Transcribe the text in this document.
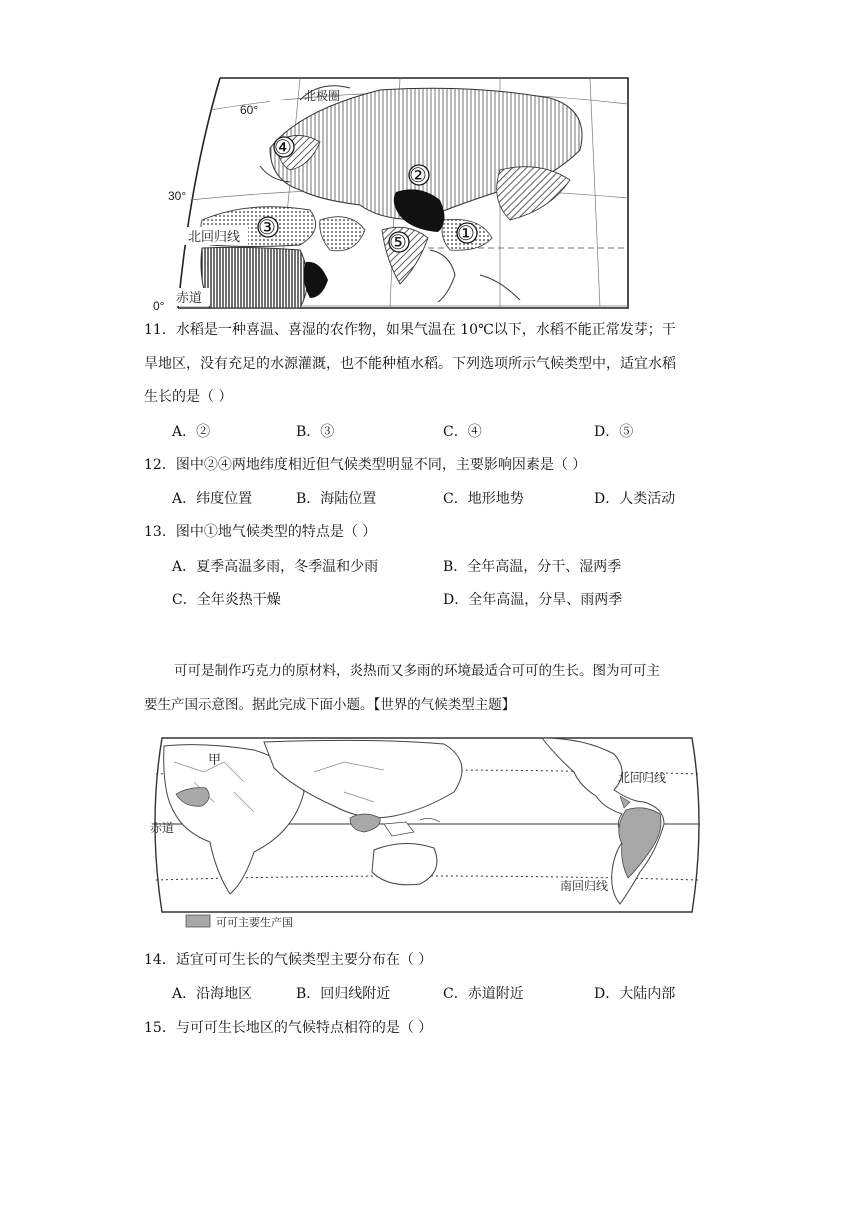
④
②
③
⑤	①
北极圈
60°
30°
北回归线
赤道
0°
11．水稻是一种喜温、喜湿的农作物，如果气温在 10℃以下，水稻不能正常发芽；干
旱地区，没有充足的水源灌溉，也不能种植水稻。下列选项所示气候类型中，适宜水稻
生长的是（ ）
A．②	B．③	C．④	D．⑤
12．图中②④两地纬度相近但气候类型明显不同，主要影响因素是（ ）
A．纬度位置	B．海陆位置	C．地形地势	D．人类活动
13．图中①地气候类型的特点是（ ）
A．夏季高温多雨，冬季温和少雨	B．全年高温，分干、湿两季
C．全年炎热干燥	D．全年高温，分旱、雨两季
可可是制作巧克力的原材料，炎热而又多雨的环境最适合可可的生长。图为可可主
要生产国示意图。据此完成下面小题。【世界的气候类型主题】
甲
北回归线
赤道
南回归线
可可主要生产国
14．适宜可可生长的气候类型主要分布在（ ）
A．沿海地区	B．回归线附近	C．赤道附近	D．大陆内部
15．与可可生长地区的气候特点相符的是（ ）
